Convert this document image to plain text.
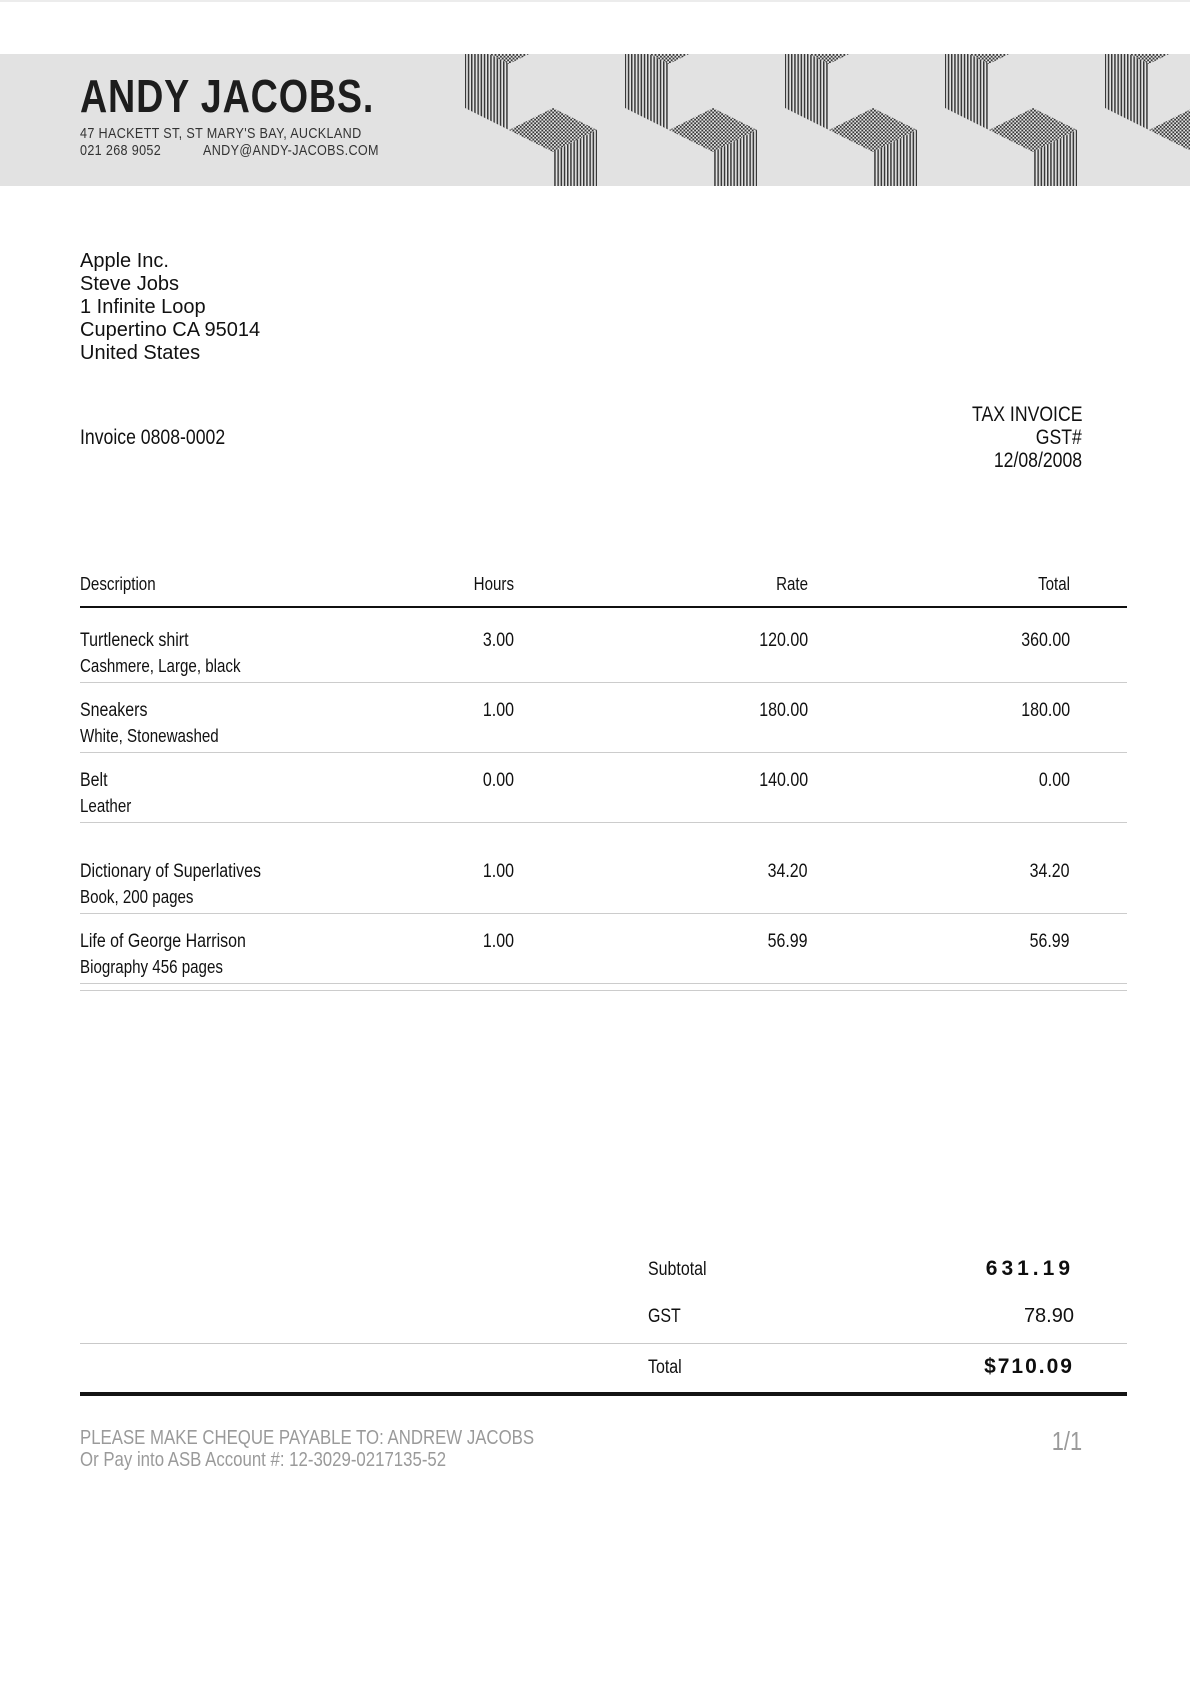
ANDY JACOBS.
47 HACKETT ST, ST MARY'S BAY, AUCKLAND
021 268 9052	ANDY@ANDY-JACOBS.COM
Apple Inc.
Steve Jobs
1 Infinite Loop
Cupertino CA 95014
United States
Invoice 0808-0002
TAX INVOICE
GST#
12/08/2008
Description	Hours	Rate	Total

Turtleneck shirt
Cashmere, Large, black	3.00	120.00	360.00

Sneakers
White, Stonewashed	1.00	180.00	180.00

Belt
Leather	0.00	140.00	0.00

Dictionary of Superlatives
Book, 200 pages	1.00	34.20	34.20

Life of George Harrison
Biography 456 pages	1.00	56.99	56.99
Subtotal	631.19
GST	78.90
Total	$710.09
PLEASE MAKE CHEQUE PAYABLE TO: ANDREW JACOBS
Or Pay into ASB Account #: 12-3029-0217135-52
1/1
